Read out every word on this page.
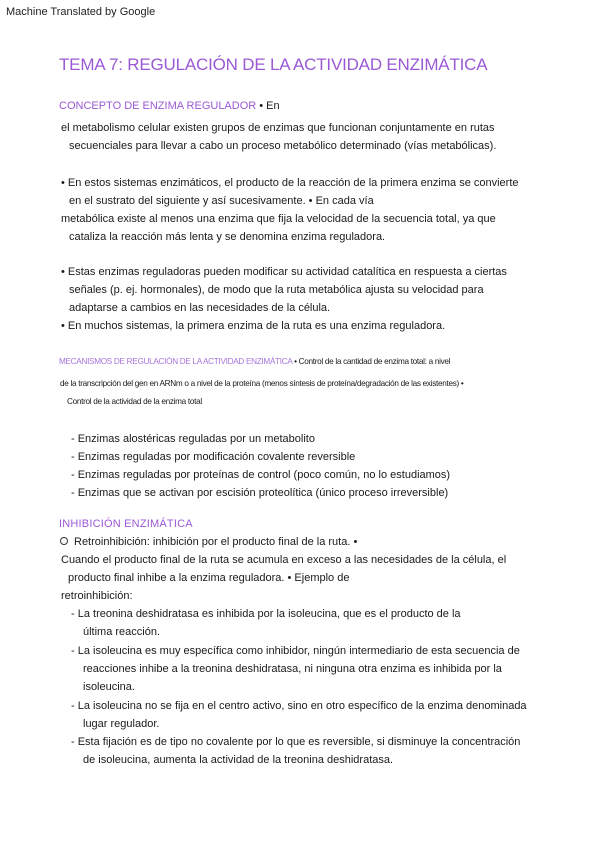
Machine Translated by Google
TEMA 7: REGULACIÓN DE LA ACTIVIDAD ENZIMÁTICA
CONCEPTO DE ENZIMA REGULADOR • En
el metabolismo celular existen grupos de enzimas que funcionan conjuntamente en rutas
secuenciales para llevar a cabo un proceso metabólico determinado (vías metabólicas).
• En estos sistemas enzimáticos, el producto de la reacción de la primera enzima se convierte
en el sustrato del siguiente y así sucesivamente. • En cada vía
metabólica existe al menos una enzima que fija la velocidad de la secuencia total, ya que
cataliza la reacción más lenta y se denomina enzima reguladora.
• Estas enzimas reguladoras pueden modificar su actividad catalítica en respuesta a ciertas
señales (p. ej. hormonales), de modo que la ruta metabólica ajusta su velocidad para
adaptarse a cambios en las necesidades de la célula.
• En muchos sistemas, la primera enzima de la ruta es una enzima reguladora.
MECANISMOS DE REGULACIÓN DE LA ACTIVIDAD ENZIMÁTICA • Control de la cantidad de enzima total: a nivel
de la transcripción del gen en ARNm o a nivel de la proteína (menos síntesis de proteína/degradación de las existentes) •
Control de la actividad de la enzima total
- Enzimas alostéricas reguladas por un metabolito
- Enzimas reguladas por modificación covalente reversible
- Enzimas reguladas por proteínas de control (poco común, no lo estudiamos)
- Enzimas que se activan por escisión proteolítica (único proceso irreversible)
INHIBICIÓN ENZIMÁTICA
Retroinhibición: inhibición por el producto final de la ruta. •
Cuando el producto final de la ruta se acumula en exceso a las necesidades de la célula, el
producto final inhibe a la enzima reguladora. • Ejemplo de
retroinhibición:
- La treonina deshidratasa es inhibida por la isoleucina, que es el producto de la
última reacción.
- La isoleucina es muy específica como inhibidor, ningún intermediario de esta secuencia de
reacciones inhibe a la treonina deshidratasa, ni ninguna otra enzima es inhibida por la
isoleucina.
- La isoleucina no se fija en el centro activo, sino en otro específico de la enzima denominada
lugar regulador.
- Esta fijación es de tipo no covalente por lo que es reversible, si disminuye la concentración
de isoleucina, aumenta la actividad de la treonina deshidratasa.
